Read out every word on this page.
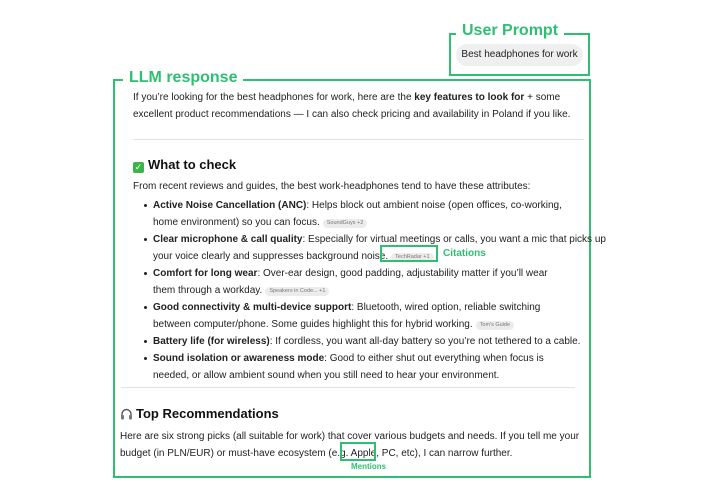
User Prompt
Best headphones for work
LLM response
If you’re looking for the best headphones for work, here are the key features to look for + some excellent product recommendations — I can also check pricing and availability in Poland if you like.
✓ What to check
From recent reviews and guides, the best work-headphones tend to have these attributes:
Active Noise Cancellation (ANC): Helps block out ambient noise (open offices, co-working, home environment) so you can focus. SoundGuys +2
Clear microphone & call quality: Especially for virtual meetings or calls, you want a mic that picks up your voice clearly and suppresses background noise. TechRadar +1
Comfort for long wear: Over-ear design, good padding, adjustability matter if you’ll wear them through a workday. Speakers in Code... +1
Good connectivity & multi-device support: Bluetooth, wired option, reliable switching between computer/phone. Some guides highlight this for hybrid working. Tom's Guide
Battery life (for wireless): If cordless, you want all-day battery so you’re not tethered to a cable.
Sound isolation or awareness mode: Good to either shut out everything when focus is needed, or allow ambient sound when you still need to hear your environment.
Top Recommendations
Here are six strong picks (all suitable for work) that cover various budgets and needs. If you tell me your budget (in PLN/EUR) or must-have ecosystem (e.g. Apple, PC, etc), I can narrow further.
Citations
Mentions
